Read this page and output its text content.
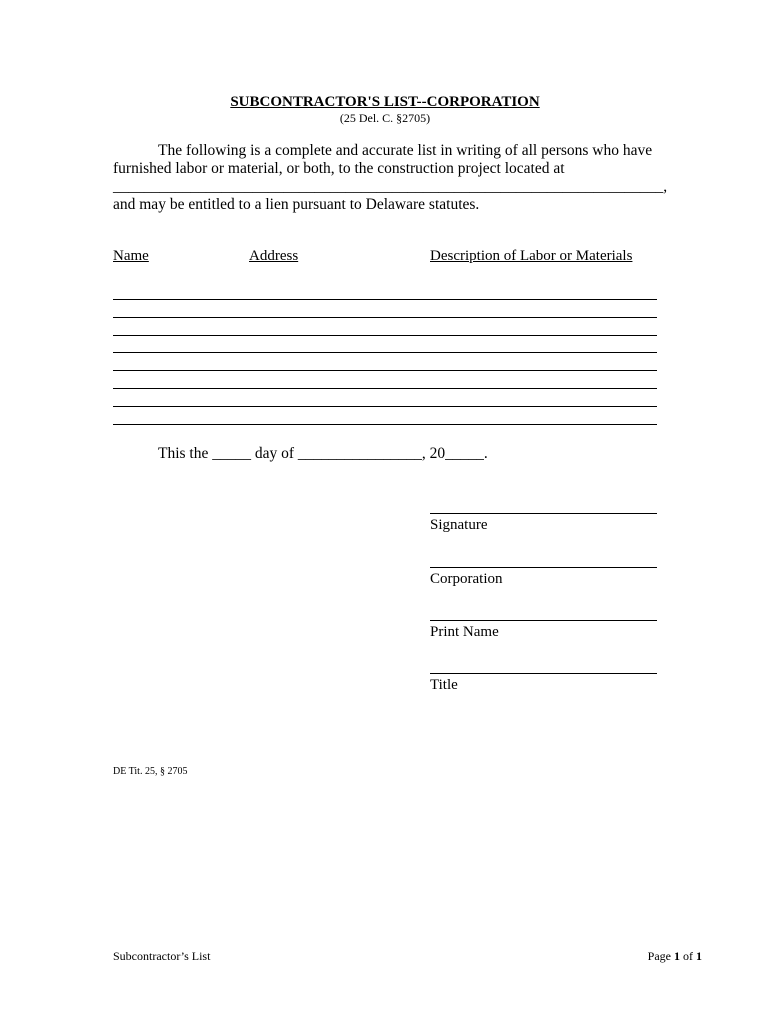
SUBCONTRACTOR'S LIST--CORPORATION
(25 Del. C. §2705)
The following is a complete and accurate list in writing of all persons who have
furnished labor or material, or both, to the construction project located at
_______________________________________________________________________,
and may be entitled to a lien pursuant to Delaware statutes.
Name	Address	Description of Labor or Materials
This the _____ day of ________________, 20_____.
Signature
Corporation
Print Name
Title
DE Tit. 25, § 2705
Subcontractor’s List	Page 1 of 1
